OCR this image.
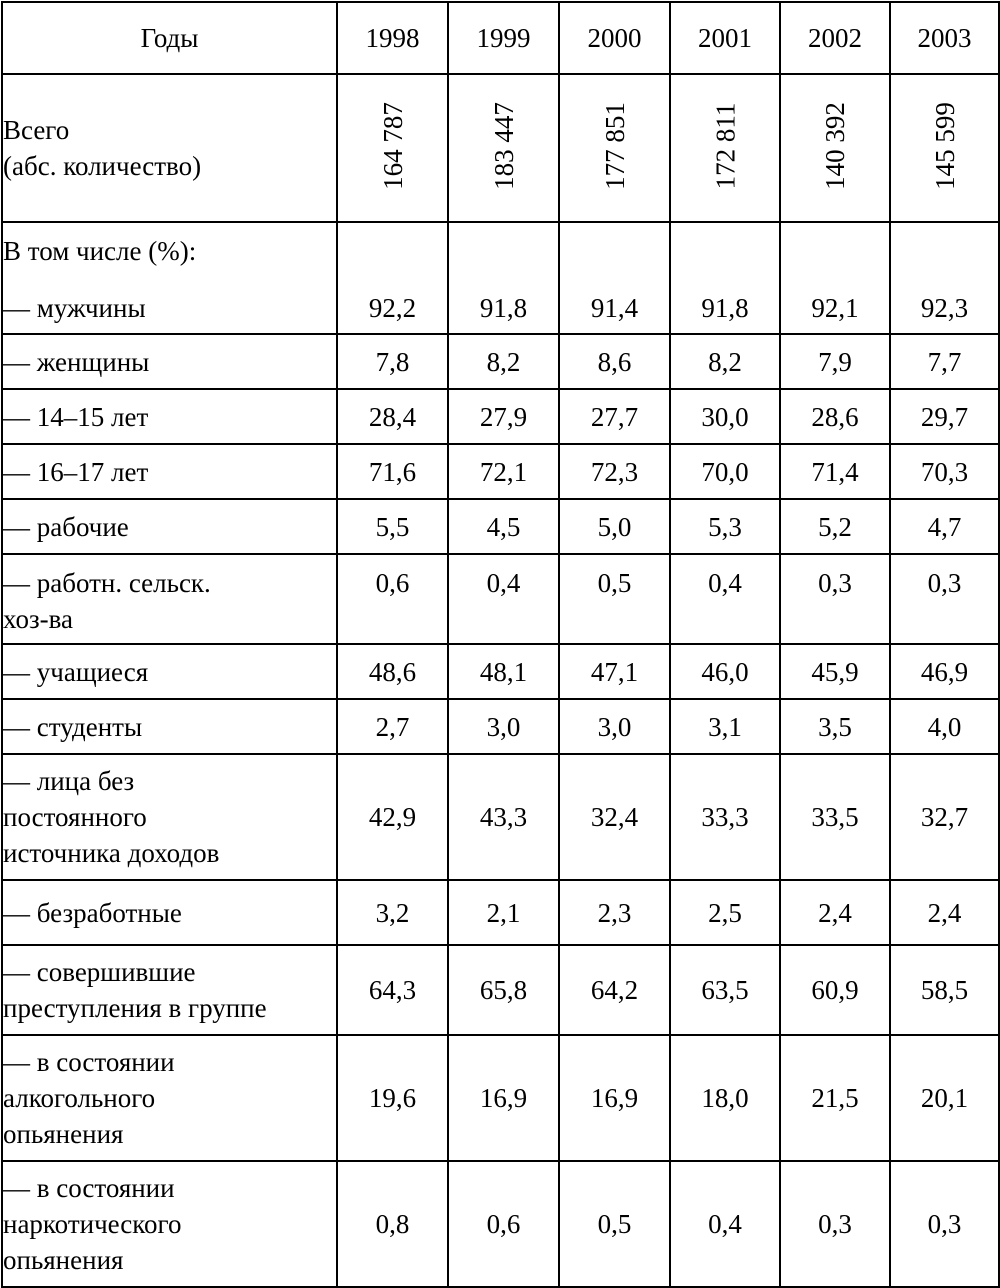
Годы	1998	1999	2000	2001	2002	2003

Всего
(абс. количество)	164 787	183 447	177 851	172 811	140 392	145 599

В том числе (%):
— мужчины	92,2	91,8	91,4	91,8	92,1	92,3

— женщины	7,8	8,2	8,6	8,2	7,9	7,7

— 14–15 лет	28,4	27,9	27,7	30,0	28,6	29,7

— 16–17 лет	71,6	72,1	72,3	70,0	71,4	70,3

— рабочие	5,5	4,5	5,0	5,3	5,2	4,7

— работн. сельск.
хоз-ва	0,6	0,4	0,5	0,4	0,3	0,3

— учащиеся	48,6	48,1	47,1	46,0	45,9	46,9

— студенты	2,7	3,0	3,0	3,1	3,5	4,0

— лица без
постоянного
источника доходов	42,9	43,3	32,4	33,3	33,5	32,7

— безработные	3,2	2,1	2,3	2,5	2,4	2,4

— совершившие
преступления в группе	64,3	65,8	64,2	63,5	60,9	58,5

— в состоянии
алкогольного
опьянения	19,6	16,9	16,9	18,0	21,5	20,1

— в состоянии
наркотического
опьянения	0,8	0,6	0,5	0,4	0,3	0,3
